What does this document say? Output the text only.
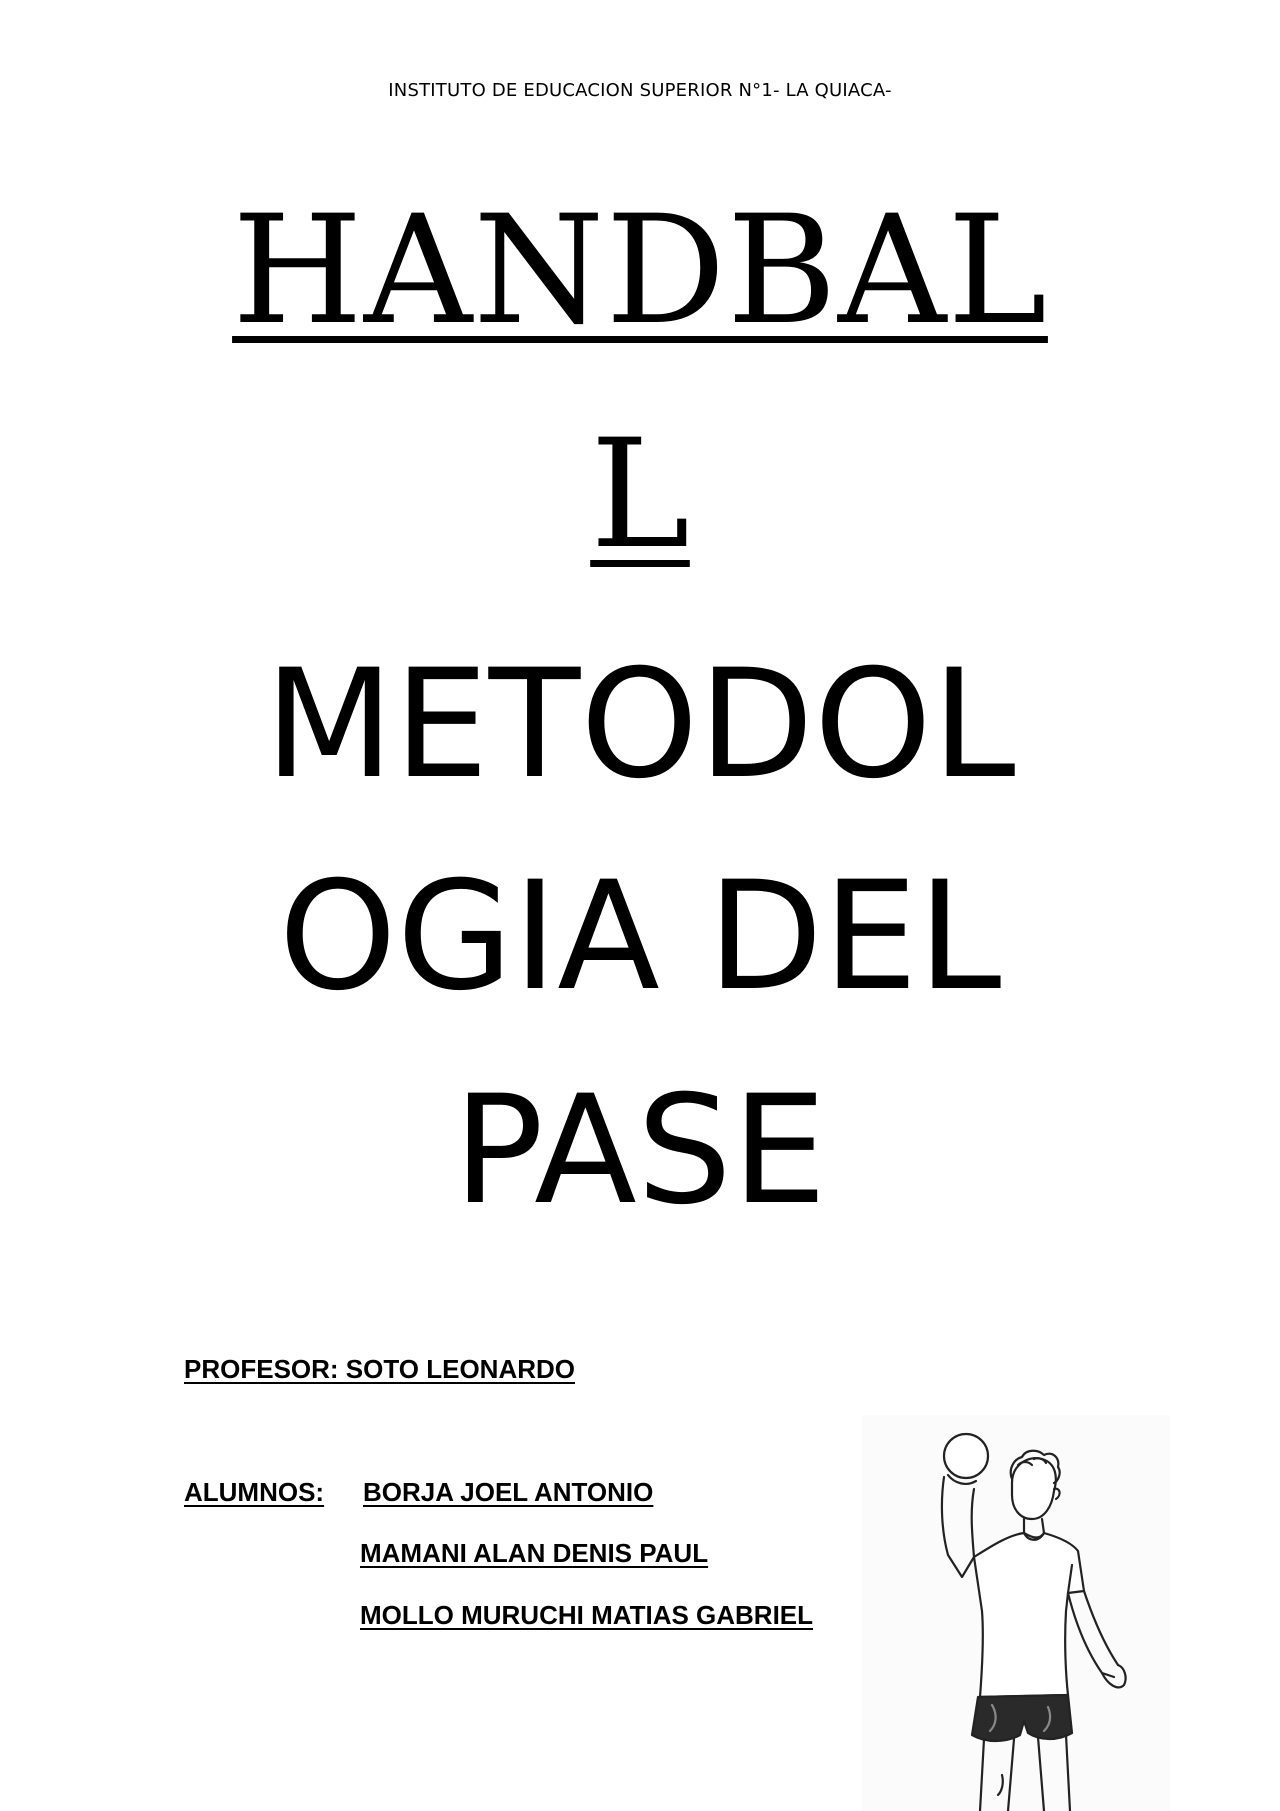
INSTITUTO DE EDUCACION SUPERIOR N°1- LA QUIACA-
HANDBAL
L
METODOL
OGIA DEL
PASE
PROFESOR: SOTO LEONARDO
ALUMNOS: BORJA JOEL ANTONIO
MAMANI ALAN DENIS PAUL
MOLLO MURUCHI MATIAS GABRIEL
